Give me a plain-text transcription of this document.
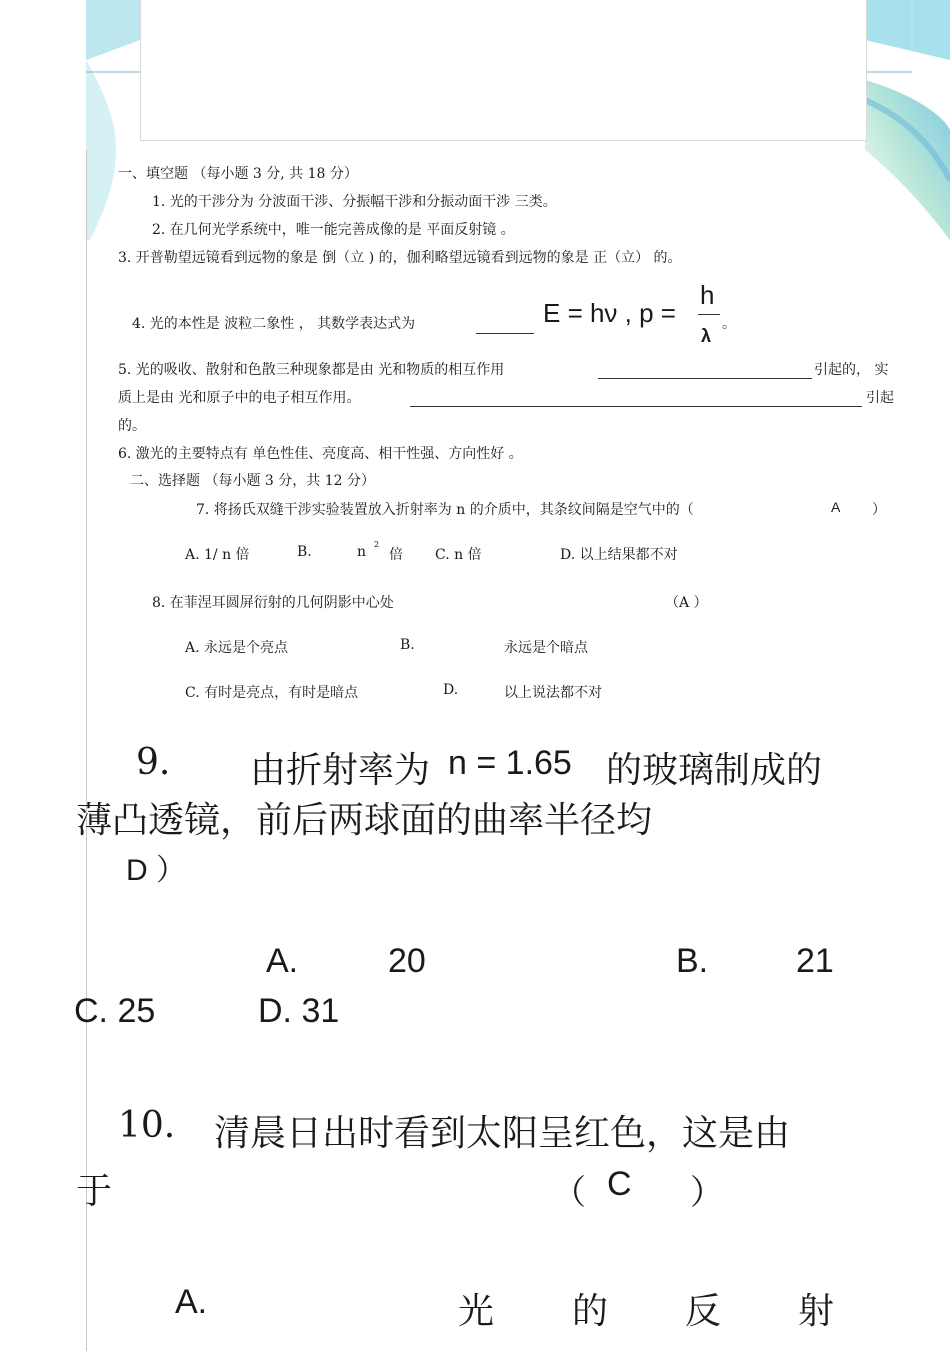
一、填空题 （每小题 3 分, 共 18 分）
1. 光的干涉分为 分波面干涉、分振幅干涉和分振动面干涉 三类。
2. 在几何光学系统中，唯一能完善成像的是 平面反射镜 。
3. 开普勒望远镜看到远物的象是 倒（立 ) 的，伽利略望远镜看到远物的象是 正（立） 的。
4. 光的本性是 波粒二象性 ， 其数学表达式为	E = hν , p =
h
λ
。
5. 光的吸收、散射和色散三种现象都是由 光和物质的相互作用	引起的， 实
质上是由 光和原子中的电子相互作用。	引起
的。
6. 激光的主要特点有 单色性佳、亮度高、相干性强、方向性好 。
二、选择题 （每小题 3 分，共 12 分）
7. 将扬氏双缝干涉实验装置放入折射率为 n 的介质中，其条纹间隔是空气中的（	A ）
A. 1/ n 倍	B.	n 2
倍 C. n 倍	D. 以上结果都不对
8. 在菲涅耳圆屏衍射的几何阴影中心处	（A ）
A. 永远是个亮点	B.	永远是个暗点
C. 有时是亮点，有时是暗点	D.	以上说法都不对
9. 由折射率为 n = 1.65 的玻璃制成的
薄凸透镜，前后两球面的曲率半径均
D ）
A.	20	B.	21
C. 25	D. 31
10. 清晨日出时看到太阳呈红色，这是由
于	（ C ）
A.	光 的 反 射
